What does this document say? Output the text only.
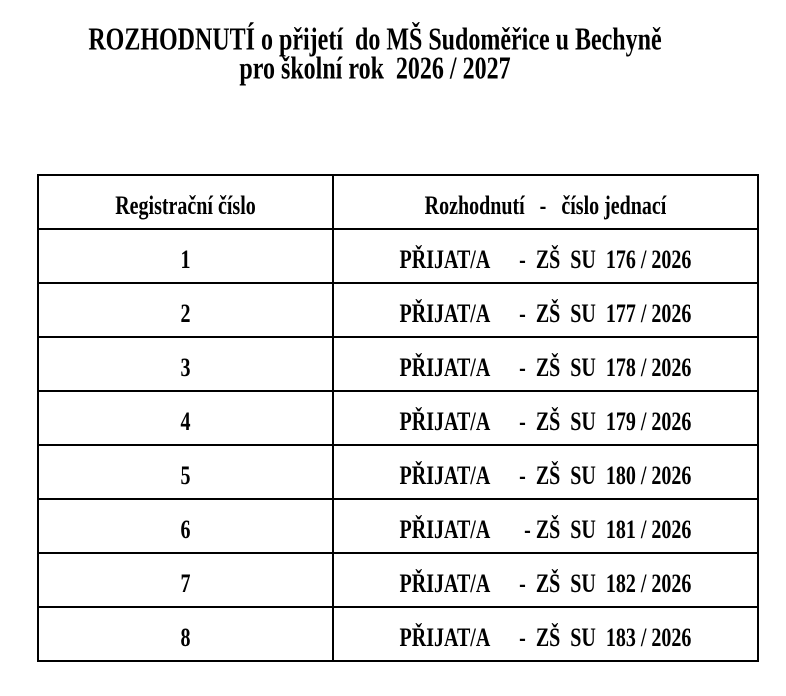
ROZHODNUTÍ o přijetí  do MŠ Sudoměřice u Bechyně
pro školní rok  2026 / 2027
Registrační číslo	Rozhodnutí   -   číslo jednací
1	PŘIJAT/A      -  ZŠ  SU  176 / 2026
2	PŘIJAT/A      -  ZŠ  SU  177 / 2026
3	PŘIJAT/A      -  ZŠ  SU  178 / 2026
4	PŘIJAT/A      -  ZŠ  SU  179 / 2026
5	PŘIJAT/A      -  ZŠ  SU  180 / 2026
6	PŘIJAT/A       - ZŠ  SU  181 / 2026
7	PŘIJAT/A      -  ZŠ  SU  182 / 2026
8	PŘIJAT/A      -  ZŠ  SU  183 / 2026
